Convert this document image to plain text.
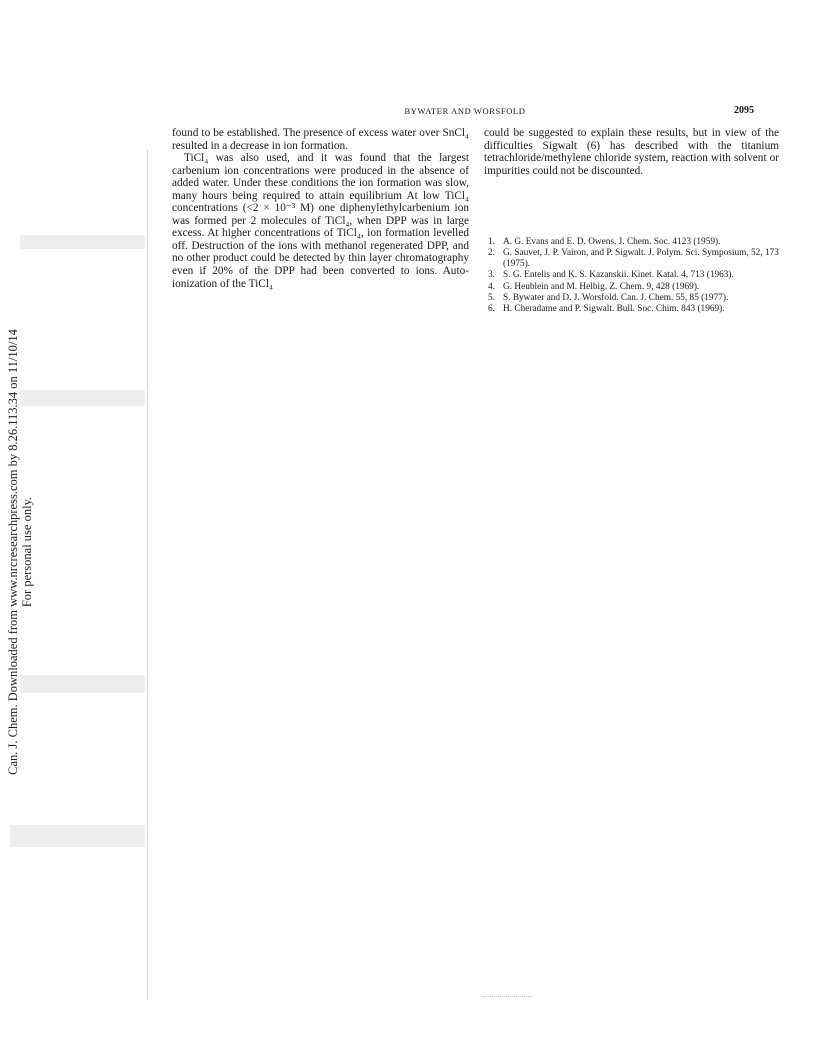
Can. J. Chem. Downloaded from www.nrcresearchpress.com by 8.26.113.34 on 11/10/14 For personal use only.
BYWATER AND WORSFOLD	2095

found to be established. The presence of excess water over SnCl₄ resulted in a decrease in ion formation.

TiCl₄ was also used, and it was found that the largest carbenium ion concentrations were produced in the absence of added water. Under these conditions the ion formation was slow, many hours being required to attain equilibrium At low TiCl₄ concentrations (<2 × 10⁻³ M) one diphenylethylcarbenium ion was formed per 2 molecules of TiCl₄, when DPP was in large excess. At higher concentrations of TiCl₄, ion formation levelled off. Destruction of the ions with methanol regenerated DPP, and no other product could be detected by thin layer chromatography even if 20% of the DPP had been converted to ions. Auto-ionization of the TiCl₄

could be suggested to explain these results, but in view of the difficulties Sigwalt (6) has described with the titanium tetrachloride/methylene chloride system, reaction with solvent or impurities could not be discounted.

1. A. G. Evans and E. D. Owens. J. Chem. Soc. 4123 (1959).
2. G. Sauvet, J. P. Vairon, and P. Sigwalt. J. Polym. Sci. Symposium, 52, 173 (1975).
3. S. G. Entelis and K. S. Kazanskii. Kinet. Katal. 4, 713 (1963).
4. G. Heublein and M. Helbig. Z. Chem. 9, 428 (1969).
5. S. Bywater and D. J. Worsfold. Can. J. Chem. 55, 85 (1977).
6. H. Cheradame and P. Sigwalt. Bull. Soc. Chim. 843 (1969).
